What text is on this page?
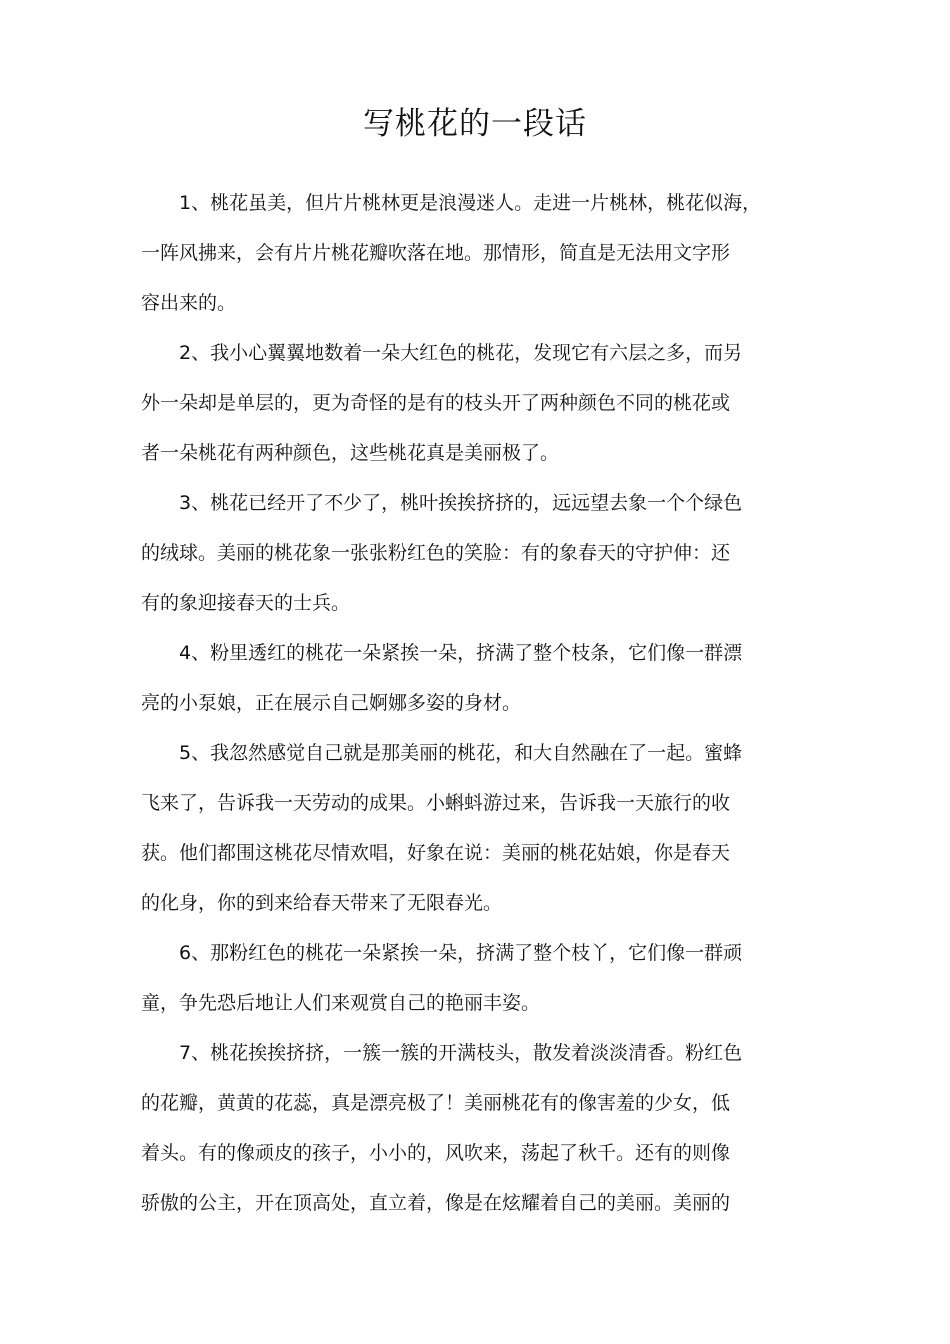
写桃花的一段话
1、桃花虽美，但片片桃林更是浪漫迷人。走进一片桃林，桃花似海，
一阵风拂来，会有片片桃花瓣吹落在地。那情形，简直是无法用文字形
容出来的。
2、我小心翼翼地数着一朵大红色的桃花，发现它有六层之多，而另
外一朵却是单层的，更为奇怪的是有的枝头开了两种颜色不同的桃花或
者一朵桃花有两种颜色，这些桃花真是美丽极了。
3、桃花已经开了不少了，桃叶挨挨挤挤的，远远望去象一个个绿色
的绒球。美丽的桃花象一张张粉红色的笑脸：有的象春天的守护伸：还
有的象迎接春天的士兵。
4、粉里透红的桃花一朵紧挨一朵，挤满了整个枝条，它们像一群漂
亮的小泵娘，正在展示自己婀娜多姿的身材。
5、我忽然感觉自己就是那美丽的桃花，和大自然融在了一起。蜜蜂
飞来了，告诉我一天劳动的成果。小蝌蚪游过来，告诉我一天旅行的收
获。他们都围这桃花尽情欢唱，好象在说：美丽的桃花姑娘，你是春天
的化身，你的到来给春天带来了无限春光。
6、那粉红色的桃花一朵紧挨一朵，挤满了整个枝丫，它们像一群顽
童，争先恐后地让人们来观赏自己的艳丽丰姿。
7、桃花挨挨挤挤，一簇一簇的开满枝头，散发着淡淡清香。粉红色
的花瓣，黄黄的花蕊，真是漂亮极了！美丽桃花有的像害羞的少女，低
着头。有的像顽皮的孩子，小小的，风吹来，荡起了秋千。还有的则像
骄傲的公主，开在顶高处，直立着，像是在炫耀着自己的美丽。美丽的
